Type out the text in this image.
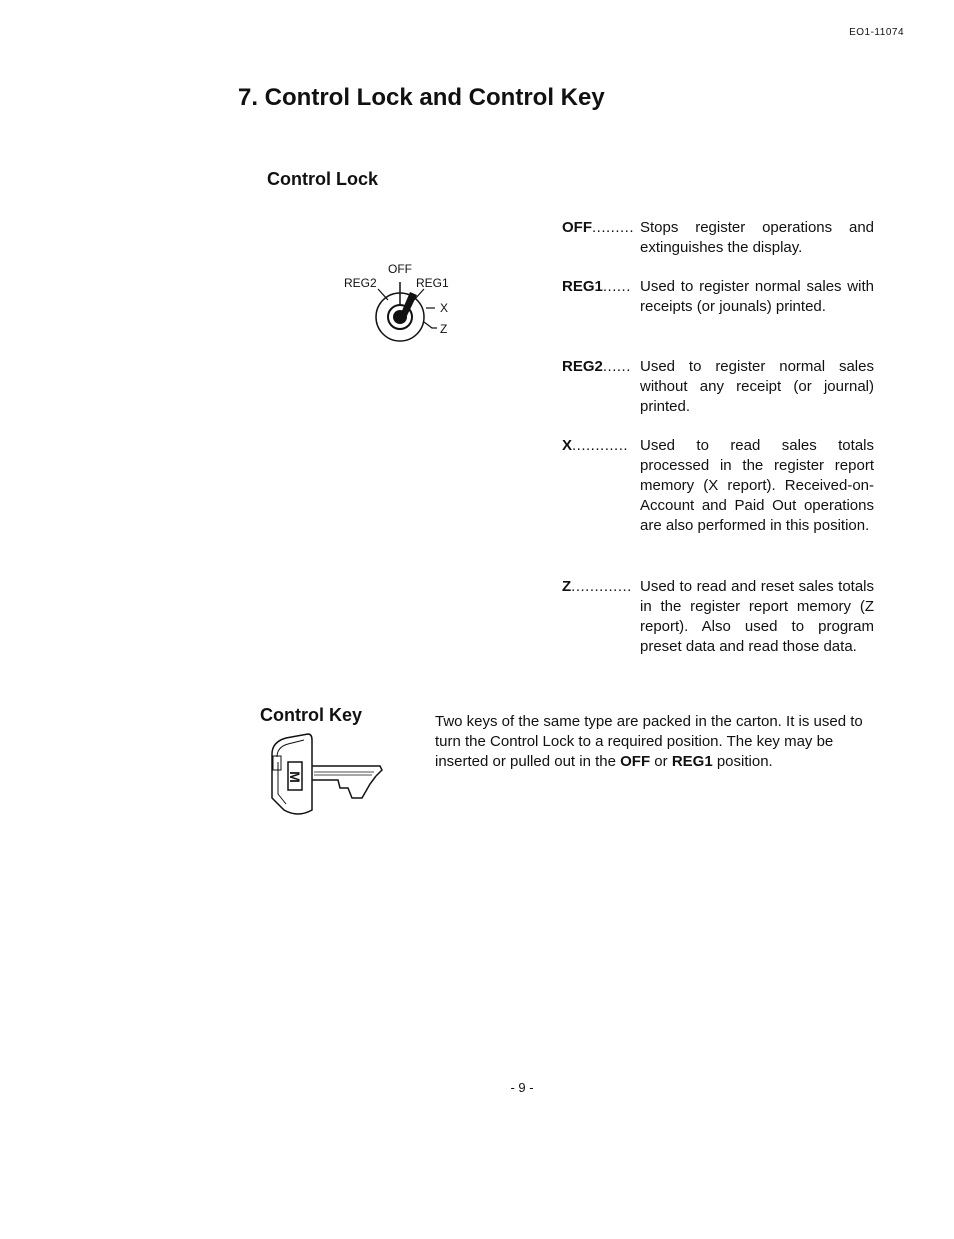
EO1-11074
7. Control Lock and Control Key
Control Lock
OFF
REG2	REG1
X
Z
OFF......... Stops register operations and extinguishes the display.
REG1...... Used to register normal sales with receipts (or jounals) printed.
REG2...... Used to register normal sales without any receipt (or journal) printed.
X............ Used to read sales totals processed in the register report memory (X report). Received-on-Account and Paid Out operations are also performed in this position.
Z............. Used to read and reset sales totals in the register report memory (Z report). Also used to program preset data and read those data.
Control Key
M

Two keys of the same type are packed in the carton. It is used to turn the Control Lock to a required position. The key may be inserted or pulled out in the OFF or REG1 position.

- 9 -
